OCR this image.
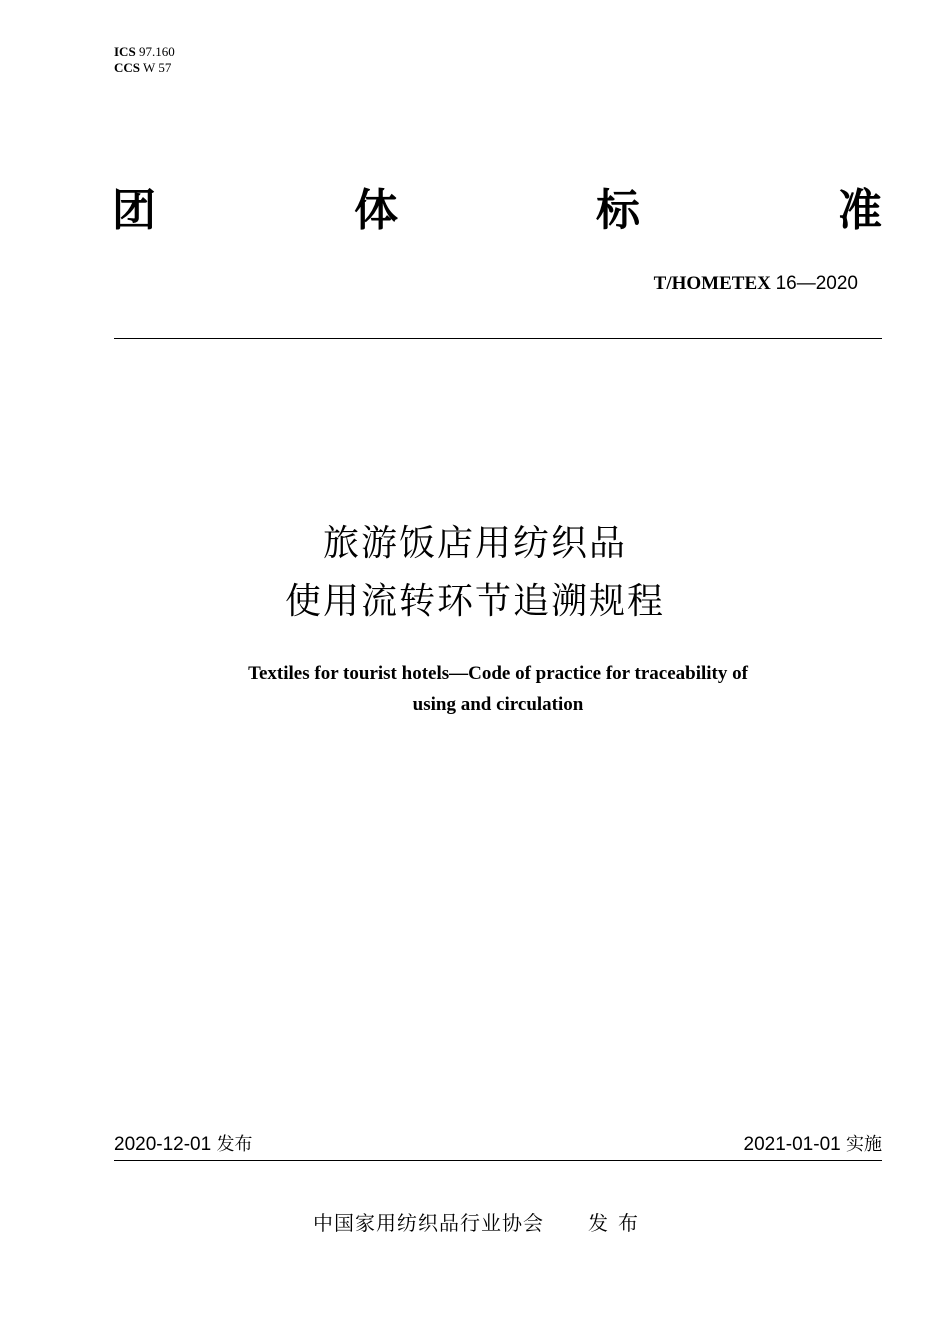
ICS 97.160
CCS W 57
团	体	标	准
T/HOMETEX 16—2020
旅游饭店用纺织品
使用流转环节追溯规程
Textiles for tourist hotels—Code of practice for traceability of
using and circulation
2020-12-01 发布	2021-01-01 实施
中国家用纺织品行业协会 发布
